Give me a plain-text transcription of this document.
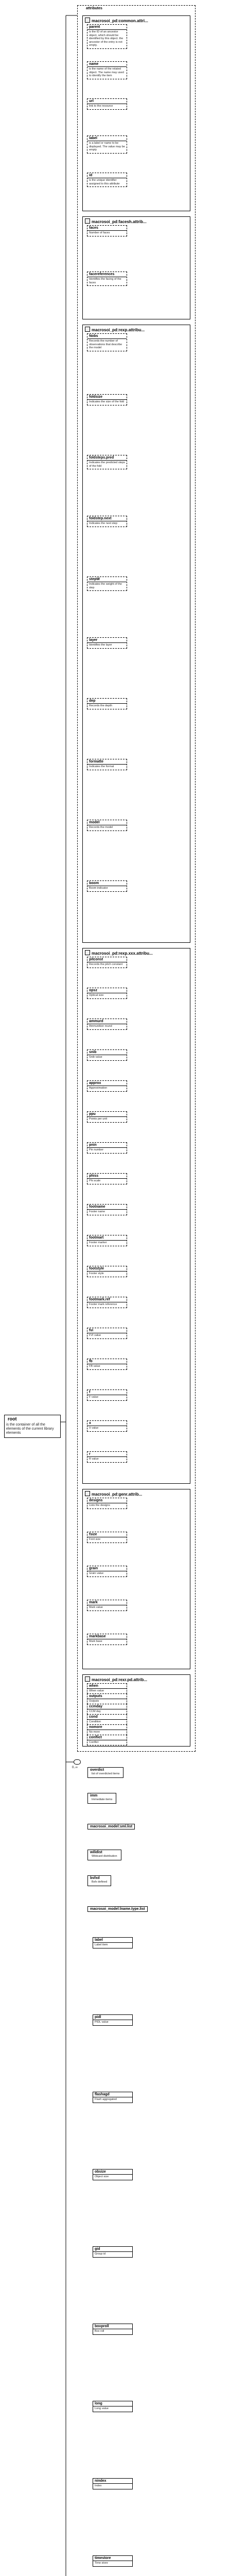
root
is the container of all the elements of the current library elements
attributes
macrosoi_pd:common.attri...
parent
is the ID of an ancestor object, which should be identified by this object. the ancestor of the entry is not empty.
name
is the name of the related object. The name may used to identify the item
url
link to the resource
label
is a label or name to be displayed. The value may be empty
id
is the unique identifier assigned to this attribute
macrosoi_pd:facesh.attrib...
faces
Number of faces
facereferences
Identifies the facing of the faces
macrosoi_pd:rexp.attribu...
Nobs
Records the number of observations that describe the model
foldsize
Indicates the size of the fold
foldsteps.pred
Indicates the predicted steps of the fold
foldstep.next
Indicates the next step
stepW
Indicates the weight of the step
layer
Identifies the layer
dep
Records the depth
formatte
Indicates the format
model
Records the model
boom
Boom indicator
macrosoi_pd:rexp.xxx.attribu...
pitconst
Records the pitch constant
opsz
Optical size
ammurd
Ammunition round
snib
Snib value
approx
Approximation
ppu
Points per unit
pnin
Pin number
phiss
Phi scale
footname
Footer name
footmart
Footer marker
footstyle
Footer style
footmark.ref
Footer mark reference
fvi
FVI value
fb
FB value
f
F value
x
X value
r
R value
macrosoi_pd:genr.attrib...
designs
Lists the designs
fsize
Font size
grain
Grain value
mark
Mark value
markbase
Mark base
macrosoi_pd:rexr.pd.attrib...
when
When value
outputs
Outputs
ccmday
CCM day
cond
Condition
nomore
No more
conflict
Conflict
overdict
list of overdicted items
imm
Immediate items
macrosoi_model:sml.list
wilidist
Wildcard distribution
bsfxd
Bsfx defined
macrosoi_model:lname.type.list
0..∞
label
Label item
pidl
PIDL value
flashagd
Flash aggregated
obsize
Object size
gid
Group id
boxproll
Box roll
long
Long value
nindex
Index
timestore
Time store
